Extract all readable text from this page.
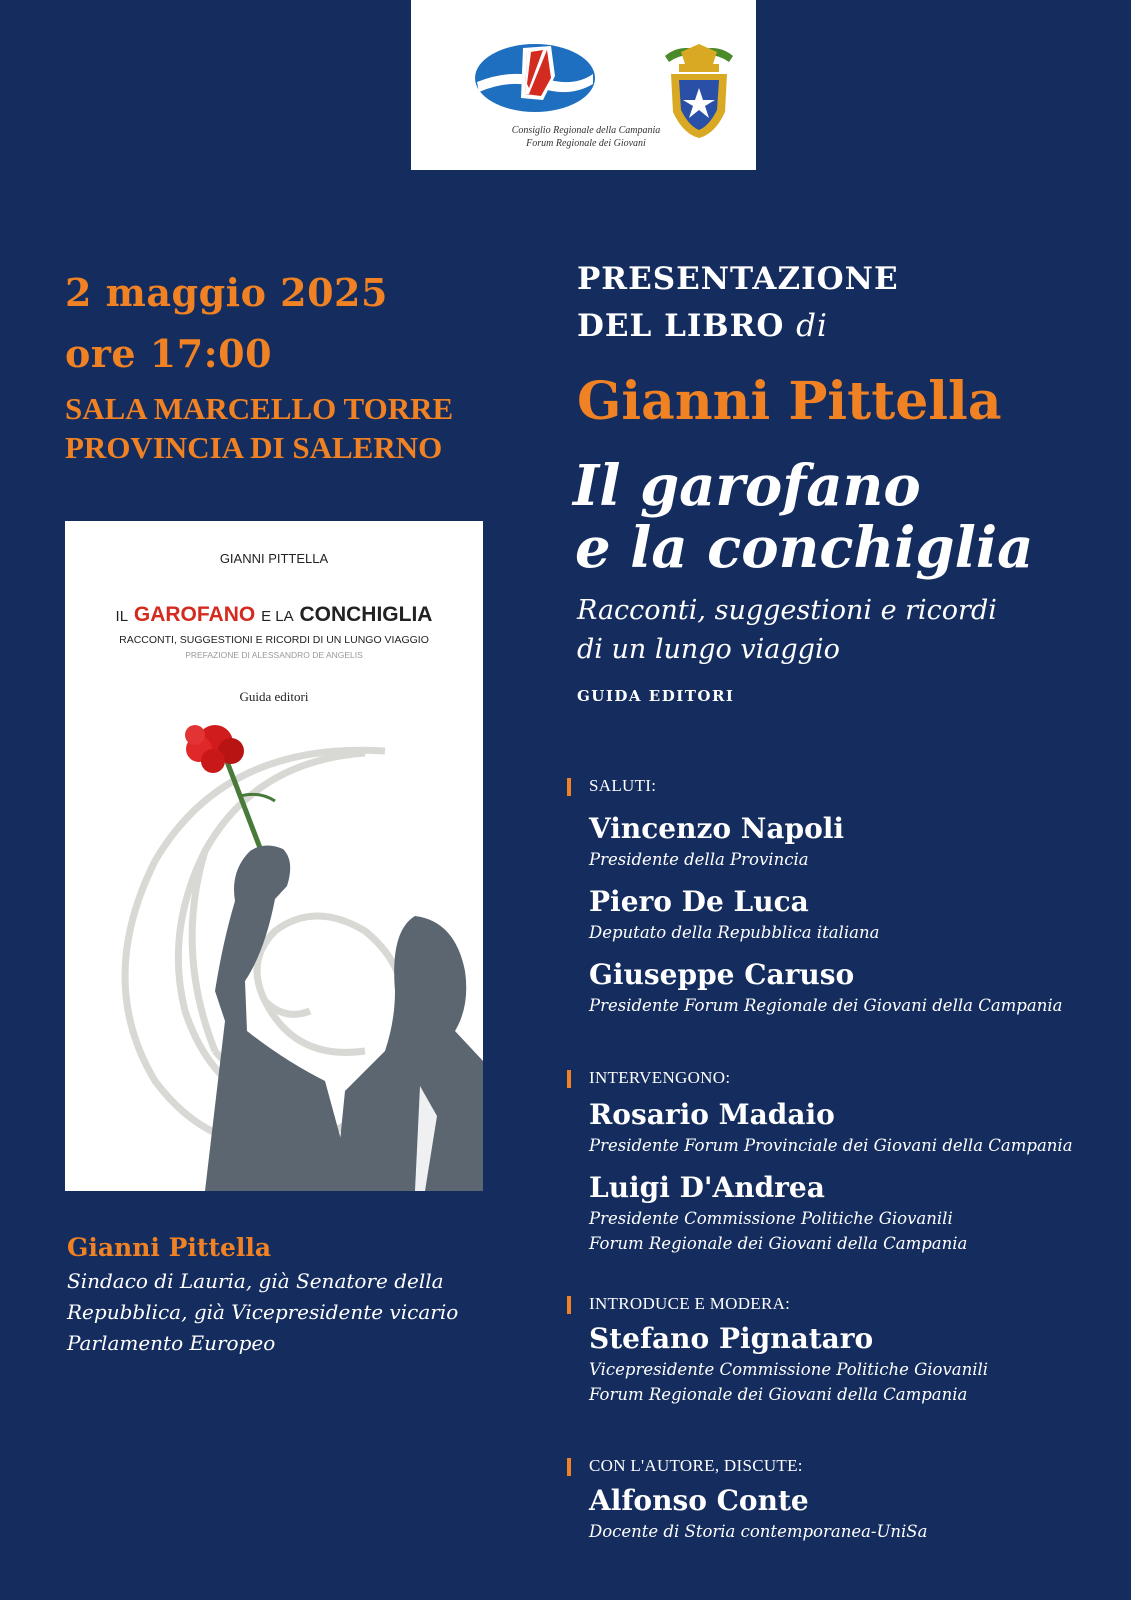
Consiglio Regionale della Campania
Forum Regionale dei Giovani
2 maggio 2025
ore 17:00
SALA MARCELLO TORRE
PROVINCIA DI SALERNO
GIANNI PITTELLA
IL GAROFANO E LA CONCHIGLIA
RACCONTI, SUGGESTIONI E RICORDI DI UN LUNGO VIAGGIO
PREFAZIONE DI ALESSANDRO DE ANGELIS
Guida editori
Gianni Pittella
Sindaco di Lauria, già Senatore della
Repubblica, già Vicepresidente vicario
Parlamento Europeo
PRESENTAZIONE
DEL LIBRO di
Gianni Pittella
Il garofano
e la conchiglia
Racconti, suggestioni e ricordi
di un lungo viaggio
GUIDA EDITORI
SALUTI:
Vincenzo Napoli
Presidente della Provincia
Piero De Luca
Deputato della Repubblica italiana
Giuseppe Caruso
Presidente Forum Regionale dei Giovani della Campania
INTERVENGONO:
Rosario Madaio
Presidente Forum Provinciale dei Giovani della Campania
Luigi D'Andrea
Presidente Commissione Politiche Giovanili
Forum Regionale dei Giovani della Campania
INTRODUCE E MODERA:
Stefano Pignataro
Vicepresidente Commissione Politiche Giovanili
Forum Regionale dei Giovani della Campania
CON L'AUTORE, DISCUTE:
Alfonso Conte
Docente di Storia contemporanea-UniSa
